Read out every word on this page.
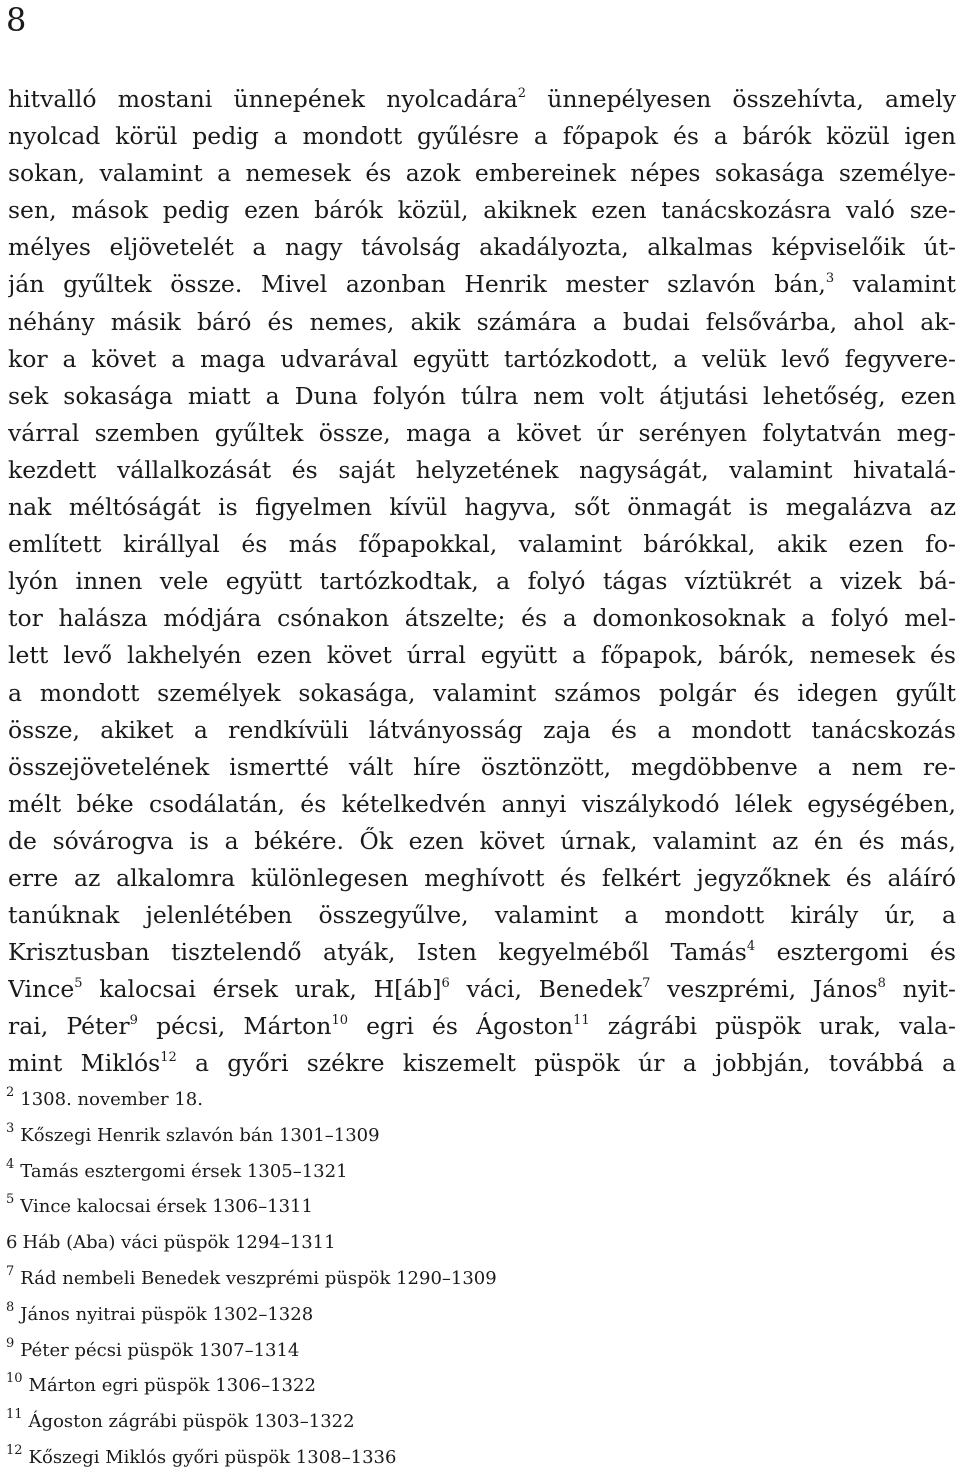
8
hitvalló mostani ünnepének nyolcadára$^2$ ünnepélyesen összehívta, amely
nyolcad körül pedig a mondott gyűlésre a főpapok és a bárók közül igen
sokan, valamint a nemesek és azok embereinek népes sokasága személye-
sen, mások pedig ezen bárók közül, akiknek ezen tanácskozásra való sze-
mélyes eljövetelét a nagy távolság akadályozta, alkalmas képviselőik út-
ján gyűltek össze. Mivel azonban Henrik mester szlavón bán,$^3$ valamint
néhány másik báró és nemes, akik számára a budai felsővárba, ahol ak-
kor a követ a maga udvarával együtt tartózkodott, a velük levő fegyvere-
sek sokasága miatt a Duna folyón túlra nem volt átjutási lehetőség, ezen
várral szemben gyűltek össze, maga a követ úr serényen folytatván meg-
kezdett vállalkozását és saját helyzetének nagyságát, valamint hivatalá-
nak méltóságát is figyelmen kívül hagyva, sőt önmagát is megalázva az
említett királlyal és más főpapokkal, valamint bárókkal, akik ezen fo-
lyón innen vele együtt tartózkodtak, a folyó tágas víztükrét a vizek bá-
tor halásza módjára csónakon átszelte; és a domonkosoknak a folyó mel-
lett levő lakhelyén ezen követ úrral együtt a főpapok, bárók, nemesek és
a mondott személyek sokasága, valamint számos polgár és idegen gyűlt
össze, akiket a rendkívüli látványosság zaja és a mondott tanácskozás
összejövetelének ismertté vált híre ösztönzött, megdöbbenve a nem re-
mélt béke csodálatán, és kételkedvén annyi viszálykodó lélek egységében,
de sóvárogva is a békére. Ők ezen követ úrnak, valamint az én és más,
erre az alkalomra különlegesen meghívott és felkért jegyzőknek és aláíró
tanúknak jelenlétében összegyűlve, valamint a mondott király úr, a
Krisztusban tisztelendő atyák, Isten kegyelméből Tamás$^4$ esztergomi és
Vince$^5$ kalocsai érsek urak, H[áb]$^6$ váci, Benedek$^7$ veszprémi, János$^8$ nyit-
rai, Péter$^9$ pécsi, Márton$^{10}$ egri és Ágoston$^{11}$ zágrábi püspök urak, vala-
mint Miklós$^{12}$ a győri székre kiszemelt püspök úr a jobbján, továbbá a
$^2$ 1308. november 18.
$^3$ Kőszegi Henrik szlavón bán 1301–1309
$^4$ Tamás esztergomi érsek 1305–1321
$^5$ Vince kalocsai érsek 1306–1311
6 Háb (Aba) váci püspök 1294–1311
$^7$ Rád nembeli Benedek veszprémi püspök 1290–1309
$^8$ János nyitrai püspök 1302–1328
$^9$ Péter pécsi püspök 1307–1314
$^{10}$ Márton egri püspök 1306–1322
$^{11}$ Ágoston zágrábi püspök 1303–1322
$^{12}$ Kőszegi Miklós győri püspök 1308–1336
